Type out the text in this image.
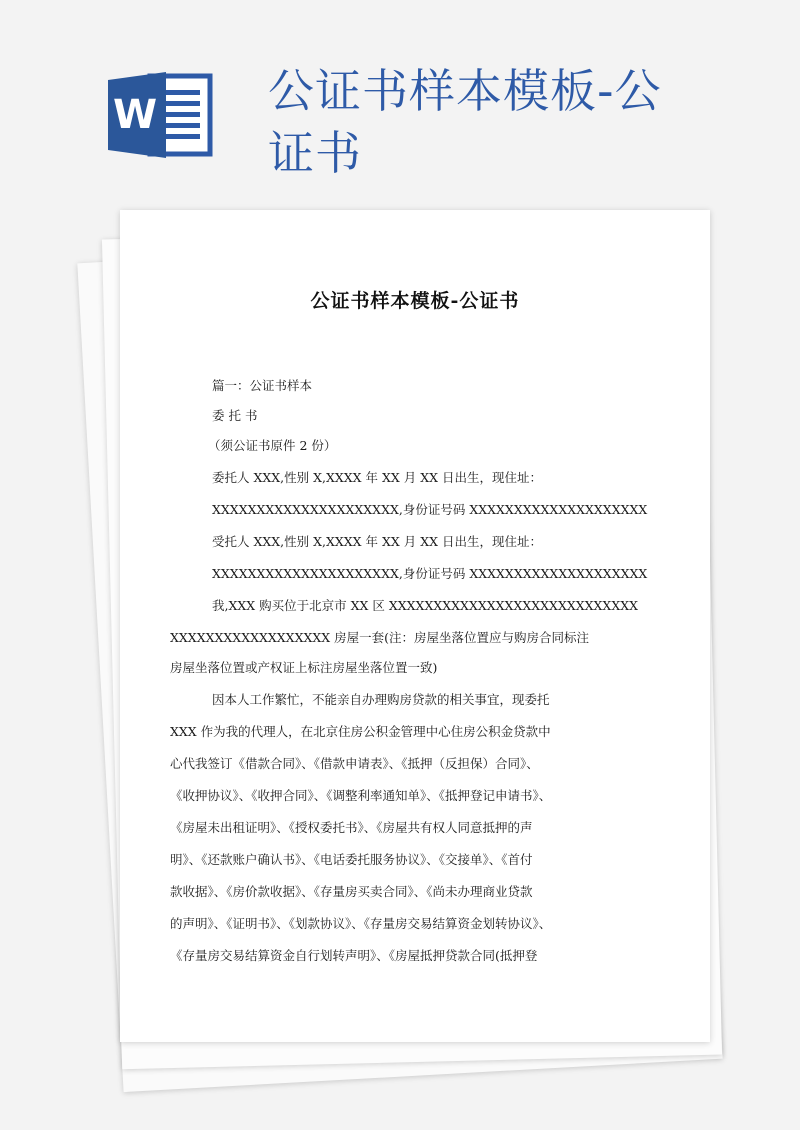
W 公证书样本模板-公证书
公证书样本模板-公证书
篇一：公证书样本
委 托 书
（须公证书原件 2 份）
委托人 XXX,性别 X,XXXX 年 XX 月 XX 日出生，现住址：
XXXXXXXXXXXXXXXXXXXXX,身份证号码 XXXXXXXXXXXXXXXXXXXX
受托人 XXX,性别 X,XXXX 年 XX 月 XX 日出生，现住址：
XXXXXXXXXXXXXXXXXXXXX,身份证号码 XXXXXXXXXXXXXXXXXXXX
我,XXX 购买位于北京市 XX 区 XXXXXXXXXXXXXXXXXXXXXXXXXXXX
XXXXXXXXXXXXXXXXXX 房屋一套(注：房屋坐落位置应与购房合同标注
房屋坐落位置或产权证上标注房屋坐落位置一致)
因本人工作繁忙，不能亲自办理购房贷款的相关事宜，现委托
XXX 作为我的代理人，在北京住房公积金管理中心住房公积金贷款中
心代我签订《借款合同》、《借款申请表》、《抵押（反担保）合同》、
《收押协议》、《收押合同》、《调整利率通知单》、《抵押登记申请书》、
《房屋未出租证明》、《授权委托书》、《房屋共有权人同意抵押的声
明》、《还款账户确认书》、《电话委托服务协议》、《交接单》、《首付
款收据》、《房价款收据》、《存量房买卖合同》、《尚未办理商业贷款
的声明》、《证明书》、《划款协议》、《存量房交易结算资金划转协议》、
《存量房交易结算资金自行划转声明》、《房屋抵押贷款合同(抵押登
